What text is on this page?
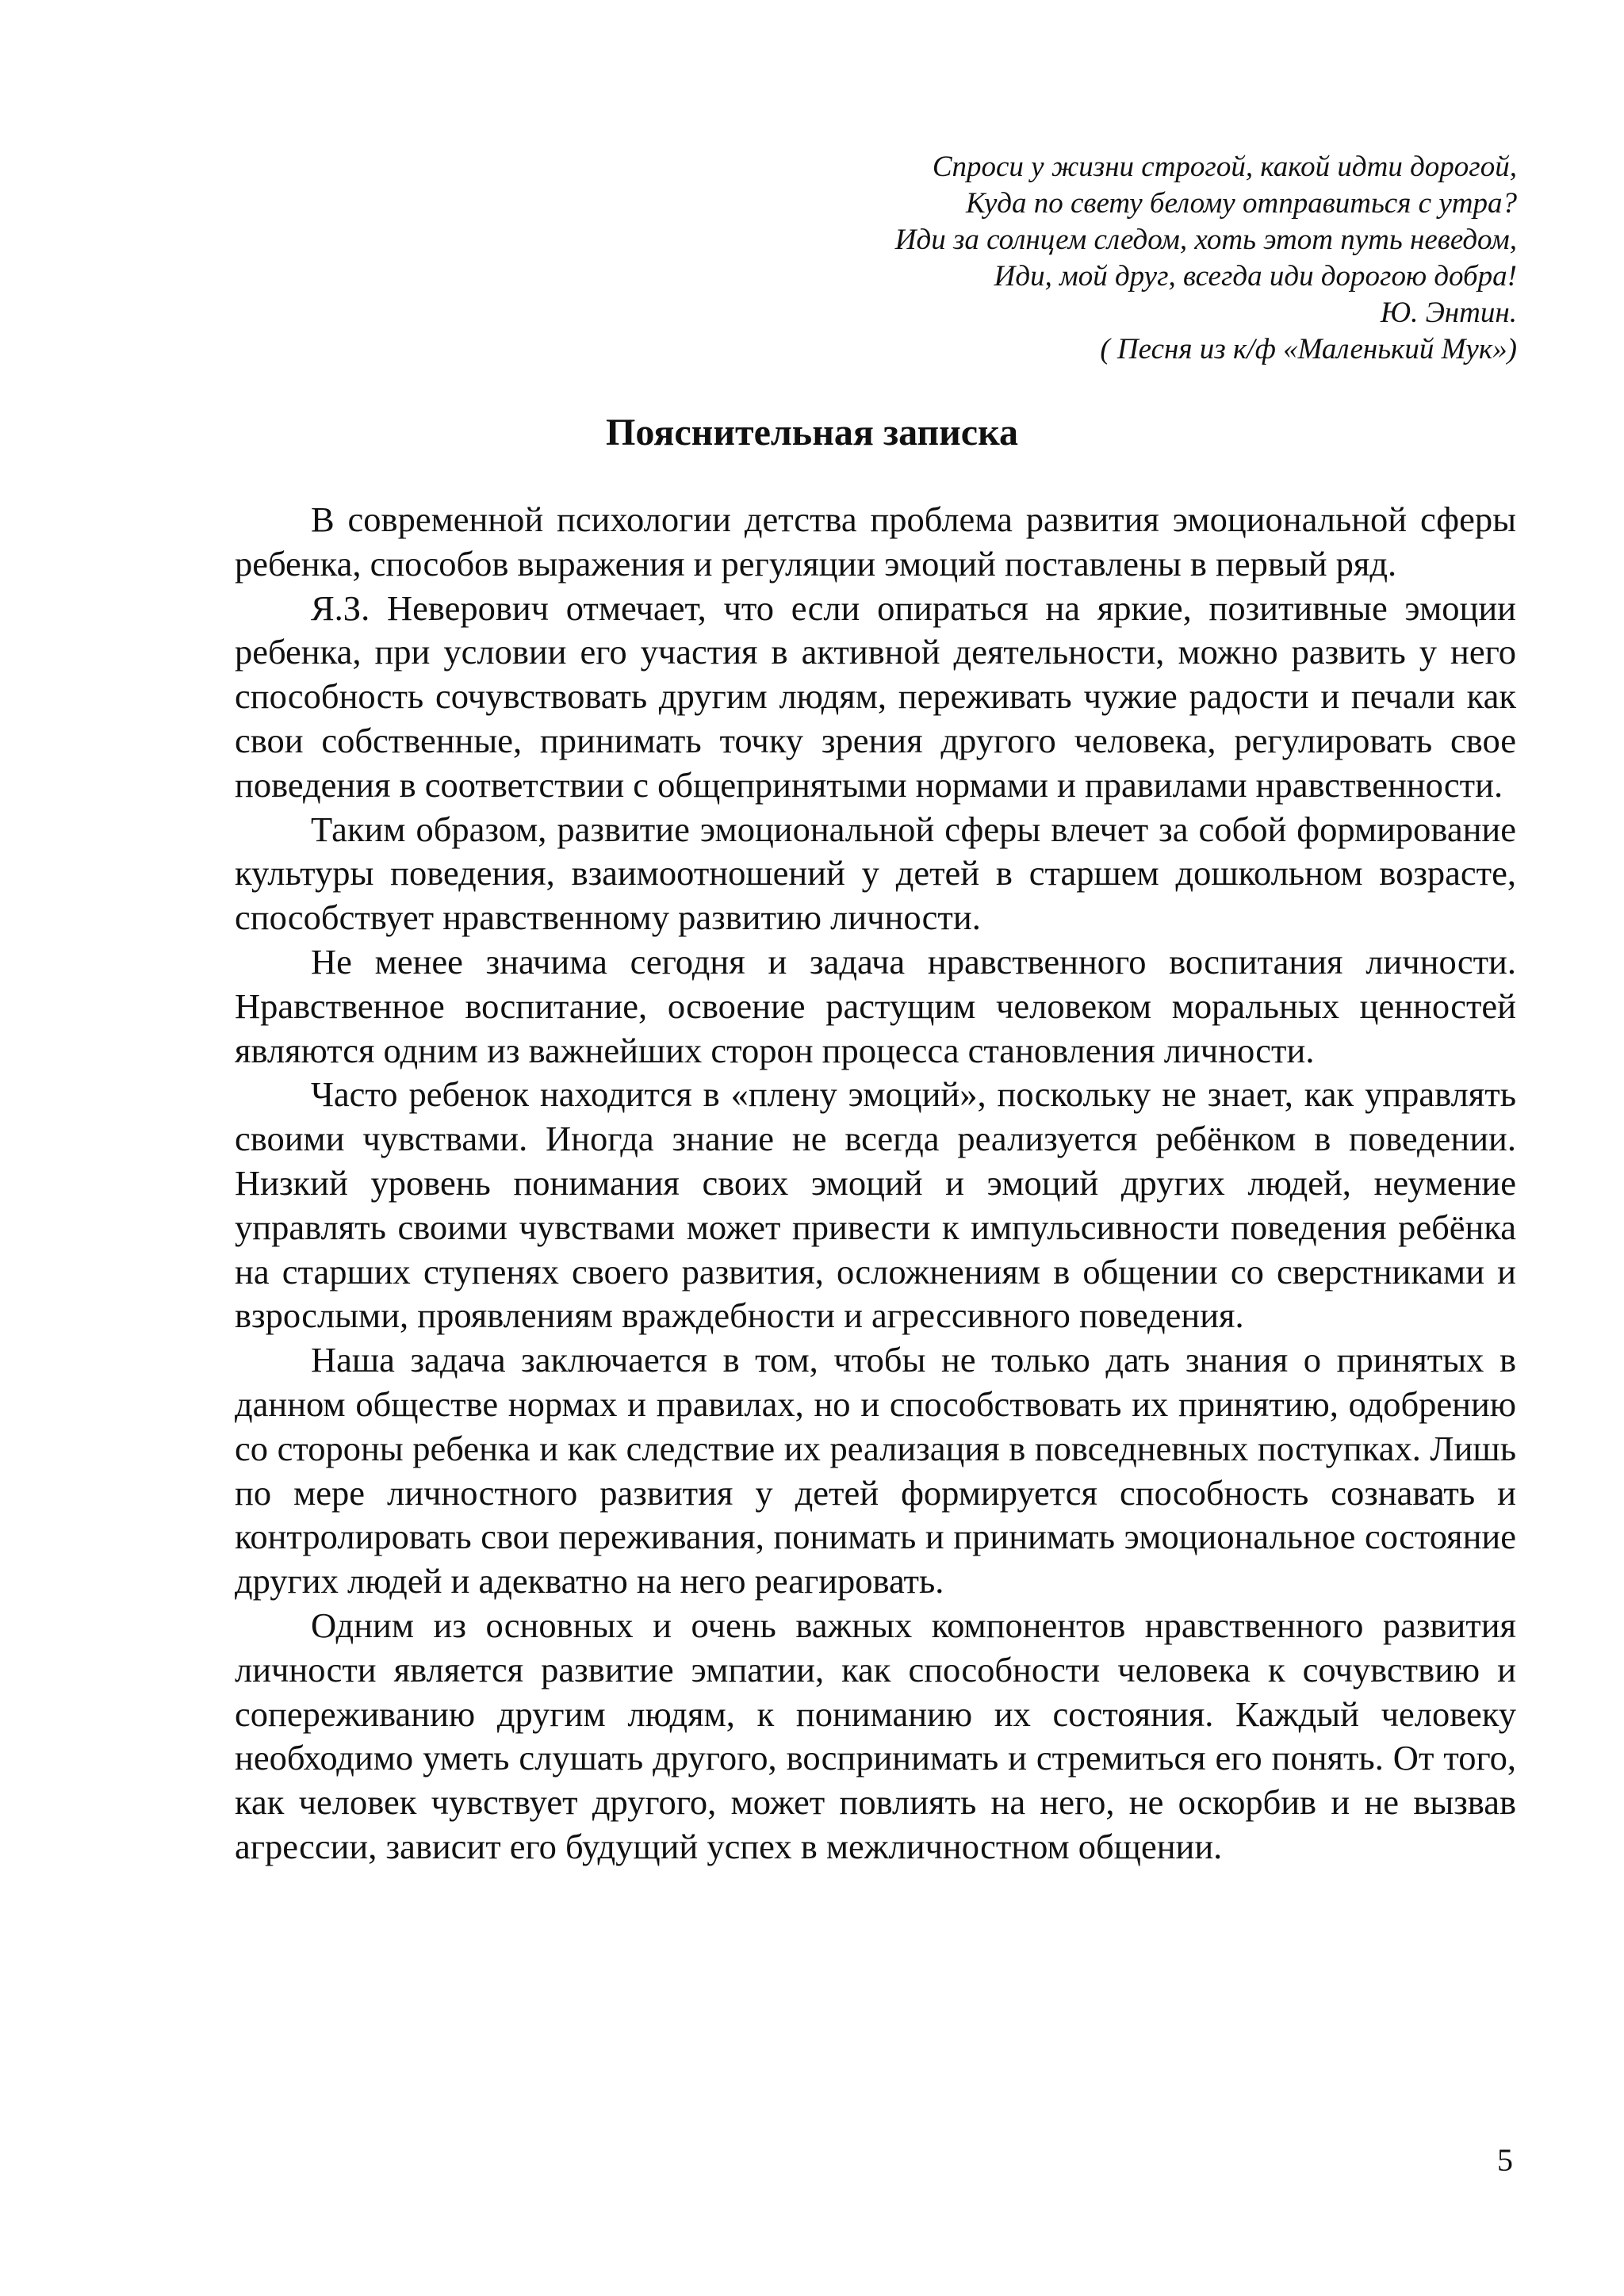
Спроси у жизни строгой, какой идти дорогой,
Куда по свету белому отправиться с утра?
Иди за солнцем следом, хоть этот путь неведом,
Иди, мой друг, всегда иди дорогою добра!
Ю. Энтин.
( Песня из к/ф «Маленький Мук»)
Пояснительная записка

В современной психологии детства проблема развития эмоциональной сферы ребенка, способов выражения и регуляции эмоций поставлены в первый ряд.

Я.З. Неверович отмечает, что если опираться на яркие, позитивные эмоции ребенка, при условии его участия в активной деятельности, можно развить у него способность сочувствовать другим людям, переживать чужие радости и печали как свои собственные, принимать точку зрения другого человека, регулировать свое поведения в соответствии с общепринятыми нормами и правилами нравственности.

Таким образом, развитие эмоциональной сферы влечет за собой формирование культуры поведения, взаимоотношений у детей в старшем дошкольном возрасте, способствует нравственному развитию личности.

Не менее значима сегодня и задача нравственного воспитания личности. Нравственное воспитание, освоение растущим человеком моральных ценностей являются одним из важнейших сторон процесса становления личности.

Часто ребенок находится в «плену эмоций», поскольку не знает, как управлять своими чувствами. Иногда знание не всегда реализуется ребёнком в поведении. Низкий уровень понимания своих эмоций и эмоций других людей, неумение управлять своими чувствами может привести к импульсивности поведения ребёнка на старших ступенях своего развития, осложнениям в общении со сверстниками и взрослыми, проявлениям враждебности и агрессивного поведения.

Наша задача заключается в том, чтобы не только дать знания о принятых в данном обществе нормах и правилах, но и способствовать их принятию, одобрению со стороны ребенка и как следствие их реализация в повседневных поступках. Лишь по мере личностного развития у детей формируется способность сознавать и контролировать свои переживания, понимать и принимать эмоциональное состояние других людей и адекватно на него реагировать.

Одним из основных и очень важных компонентов нравственного развития личности является развитие эмпатии, как способности человека к сочувствию и сопереживанию другим людям, к пониманию их состояния. Каждый человеку необходимо уметь слушать другого, воспринимать и стремиться его понять. От того, как человек чувствует другого, может повлиять на него, не оскорбив и не вызвав агрессии, зависит его будущий успех в межличностном общении.

5
